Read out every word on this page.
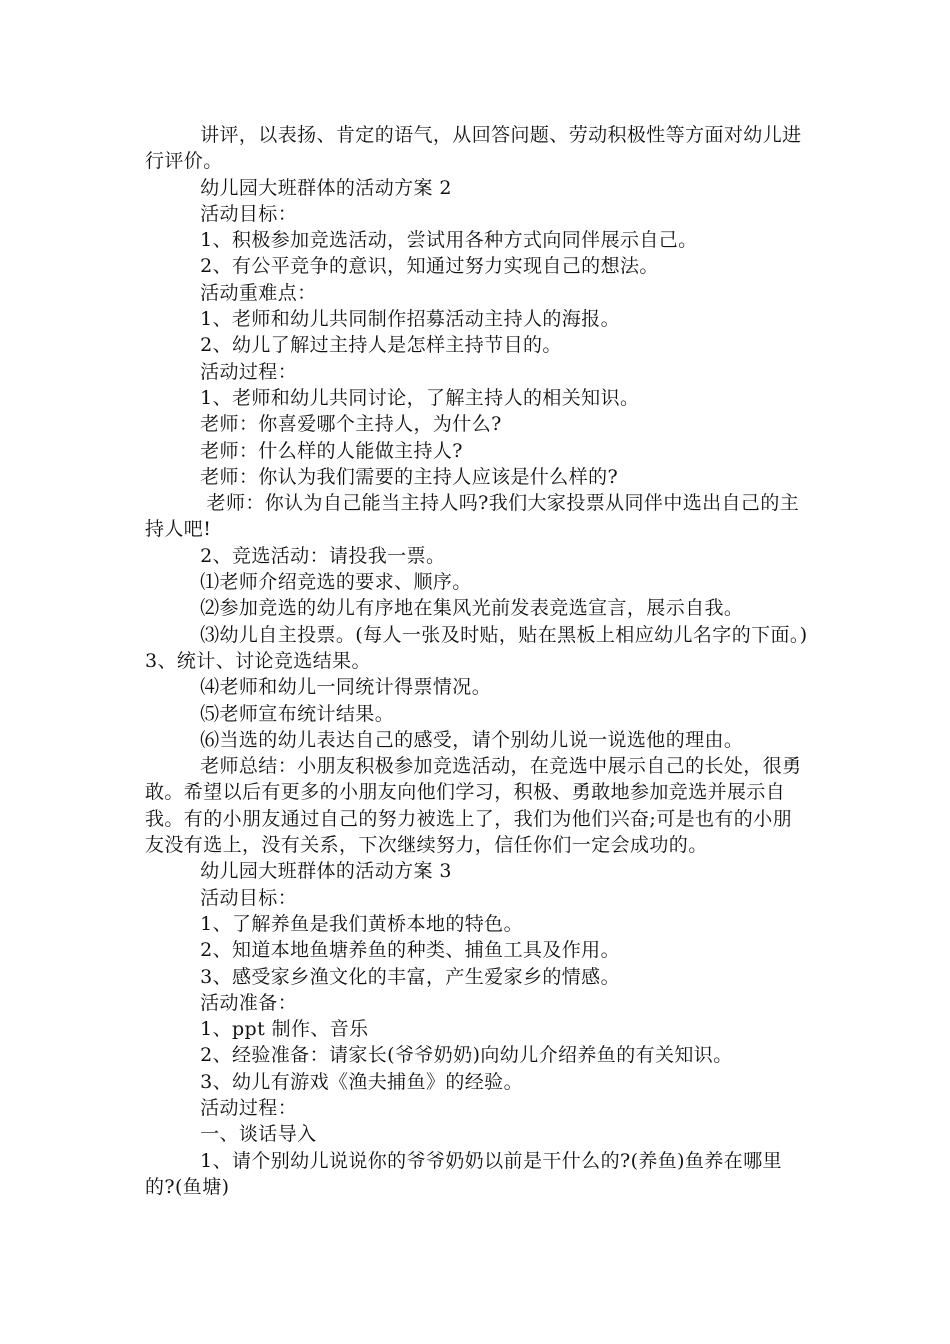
讲评，以表扬、肯定的语气，从回答问题、劳动积极性等方面对幼儿进行评价。

幼儿园大班群体的活动方案 2

活动目标：

1、积极参加竞选活动，尝试用各种方式向同伴展示自己。

2、有公平竞争的意识，知通过努力实现自己的想法。

活动重难点：

1、老师和幼儿共同制作招募活动主持人的海报。

2、幼儿了解过主持人是怎样主持节目的。

活动过程：

1、老师和幼儿共同讨论，了解主持人的相关知识。

老师：你喜爱哪个主持人，为什么?

老师：什么样的人能做主持人?

老师：你认为我们需要的主持人应该是什么样的?

老师：你认为自己能当主持人吗?我们大家投票从同伴中选出自己的主持人吧!

2、竞选活动：请投我一票。

⑴老师介绍竞选的要求、顺序。

⑵参加竞选的幼儿有序地在集风光前发表竞选宣言，展示自我。

⑶幼儿自主投票。(每人一张及时贴，贴在黑板上相应幼儿名字的下面。)3、统计、讨论竞选结果。

⑷老师和幼儿一同统计得票情况。

⑸老师宣布统计结果。

⑹当选的幼儿表达自己的感受，请个别幼儿说一说选他的理由。

老师总结：小朋友积极参加竞选活动，在竞选中展示自己的长处，很勇敢。希望以后有更多的小朋友向他们学习，积极、勇敢地参加竞选并展示自我。有的小朋友通过自己的努力被选上了，我们为他们兴奋;可是也有的小朋友没有选上，没有关系，下次继续努力，信任你们一定会成功的。

幼儿园大班群体的活动方案 3

活动目标：

1、了解养鱼是我们黄桥本地的特色。

2、知道本地鱼塘养鱼的种类、捕鱼工具及作用。

3、感受家乡渔文化的丰富，产生爱家乡的情感。

活动准备：

1、ppt 制作、音乐

2、经验准备：请家长(爷爷奶奶)向幼儿介绍养鱼的有关知识。

3、幼儿有游戏《渔夫捕鱼》的经验。

活动过程：

一、谈话导入

1、请个别幼儿说说你的爷爷奶奶以前是干什么的?(养鱼)鱼养在哪里的?(鱼塘)
